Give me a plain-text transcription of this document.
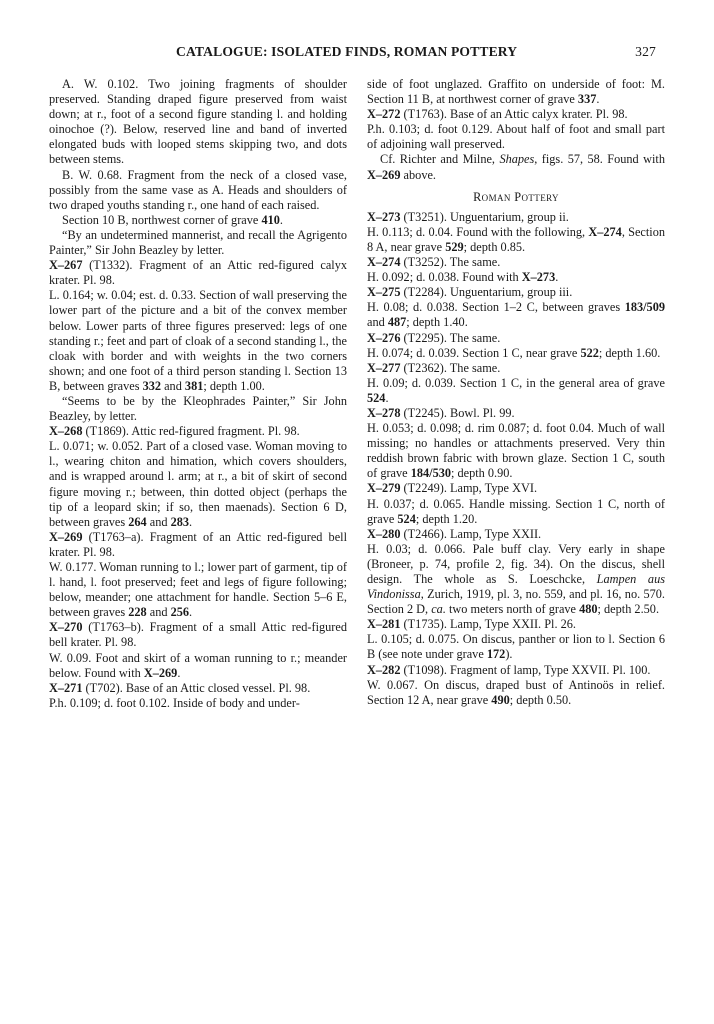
CATALOGUE: ISOLATED FINDS, ROMAN POTTERY	327

A. W. 0.102. Two joining fragments of shoulder preserved. Standing draped figure preserved from waist down; at r., foot of a second figure standing l. and holding oinochoe (?). Below, reserved line and band of inverted elongated buds with looped stems skipping two, and dots between stems.

B. W. 0.68. Fragment from the neck of a closed vase, possibly from the same vase as A. Heads and shoulders of two draped youths standing r., one hand of each raised.

Section 10 B, northwest corner of grave 410.

“By an undetermined mannerist, and recall the Agrigento Painter,” Sir John Beazley by letter.

X–267 (T1332). Fragment of an Attic red-figured calyx krater. Pl. 98.

L. 0.164; w. 0.04; est. d. 0.33. Section of wall preserving the lower part of the picture and a bit of the convex member below. Lower parts of three figures preserved: legs of one standing r.; feet and part of cloak of a second standing l., the cloak with border and with weights in the two corners shown; and one foot of a third person standing l. Section 13 B, between graves 332 and 381; depth 1.00.

“Seems to be by the Kleophrades Painter,” Sir John Beazley, by letter.

X–268 (T1869). Attic red-figured fragment. Pl. 98.

L. 0.071; w. 0.052. Part of a closed vase. Woman moving to l., wearing chiton and himation, which covers shoulders, and is wrapped around l. arm; at r., a bit of skirt of second figure moving r.; between, thin dotted object (perhaps the tip of a leopard skin; if so, then maenads). Section 6 D, between graves 264 and 283.

X–269 (T1763–a). Fragment of an Attic red-figured bell krater. Pl. 98.

W. 0.177. Woman running to l.; lower part of garment, tip of l. hand, l. foot preserved; feet and legs of figure following; below, meander; one attachment for handle. Section 5–6 E, between graves 228 and 256.

X–270 (T1763–b). Fragment of a small Attic red-figured bell krater. Pl. 98.

W. 0.09. Foot and skirt of a woman running to r.; meander below. Found with X–269.

X–271 (T702). Base of an Attic closed vessel. Pl. 98.

P.h. 0.109; d. foot 0.102. Inside of body and under-

side of foot unglazed. Graffito on underside of foot: M. Section 11 B, at northwest corner of grave 337.

X–272 (T1763). Base of an Attic calyx krater. Pl. 98.

P.h. 0.103; d. foot 0.129. About half of foot and small part of adjoining wall preserved.

Cf. Richter and Milne, Shapes, figs. 57, 58. Found with X–269 above.

Roman Pottery

X–273 (T3251). Unguentarium, group ii.

H. 0.113; d. 0.04. Found with the following, X–274, Section 8 A, near grave 529; depth 0.85.

X–274 (T3252). The same.

H. 0.092; d. 0.038. Found with X–273.

X–275 (T2284). Unguentarium, group iii.

H. 0.08; d. 0.038. Section 1–2 C, between graves 183/509 and 487; depth 1.40.

X–276 (T2295). The same.

H. 0.074; d. 0.039. Section 1 C, near grave 522; depth 1.60.

X–277 (T2362). The same.

H. 0.09; d. 0.039. Section 1 C, in the general area of grave 524.

X–278 (T2245). Bowl. Pl. 99.

H. 0.053; d. 0.098; d. rim 0.087; d. foot 0.04. Much of wall missing; no handles or attachments preserved. Very thin reddish brown fabric with brown glaze. Section 1 C, south of grave 184/530; depth 0.90.

X–279 (T2249). Lamp, Type XVI.

H. 0.037; d. 0.065. Handle missing. Section 1 C, north of grave 524; depth 1.20.

X–280 (T2466). Lamp, Type XXII.

H. 0.03; d. 0.066. Pale buff clay. Very early in shape (Broneer, p. 74, profile 2, fig. 34). On the discus, shell design. The whole as S. Loeschcke, Lampen aus Vindonissa, Zurich, 1919, pl. 3, no. 559, and pl. 16, no. 570. Section 2 D, ca. two meters north of grave 480; depth 2.50.

X–281 (T1735). Lamp, Type XXII. Pl. 26.

L. 0.105; d. 0.075. On discus, panther or lion to l. Section 6 B (see note under grave 172).

X–282 (T1098). Fragment of lamp, Type XXVII. Pl. 100.

W. 0.067. On discus, draped bust of Antinoös in relief. Section 12 A, near grave 490; depth 0.50.
